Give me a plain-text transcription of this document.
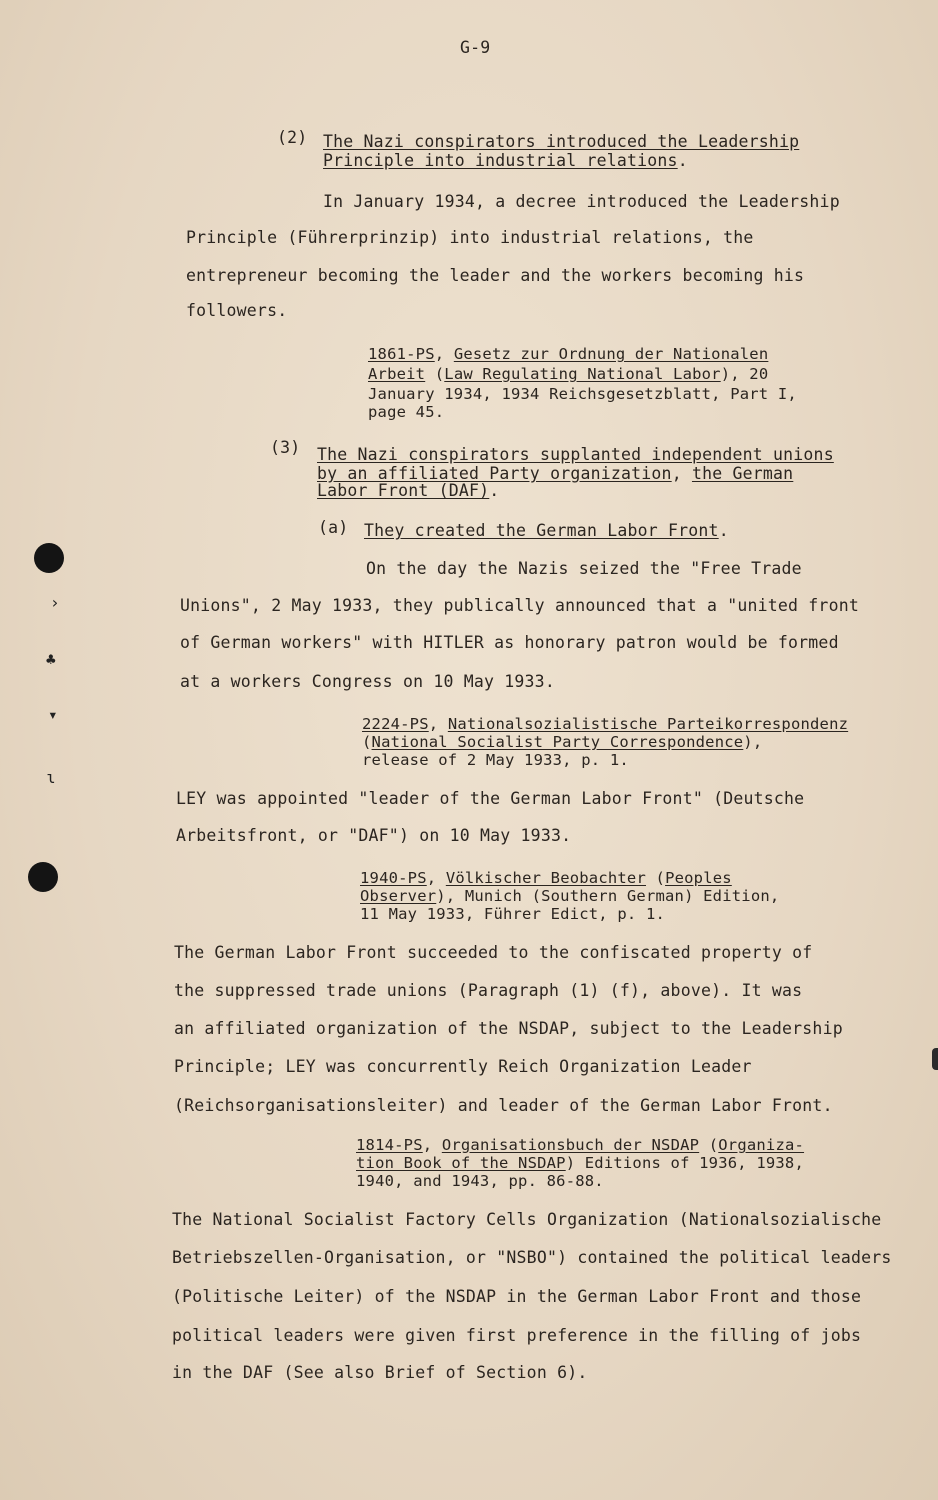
›
♣
▾
ɩ
G-9
(2) The Nazi conspirators introduced the Leadership
Principle into industrial relations.
In January 1934, a decree introduced the Leadership
Principle (Führerprinzip) into industrial relations, the
entrepreneur becoming the leader and the workers becoming his
followers.
1861-PS, Gesetz zur Ordnung der Nationalen
Arbeit (Law Regulating National Labor), 20
January 1934, 1934 Reichsgesetzblatt, Part I,
page 45.
(3) The Nazi conspirators supplanted independent unions
by an affiliated Party organization, the German
Labor Front (DAF).
(a) They created the German Labor Front.
On the day the Nazis seized the "Free Trade
Unions", 2 May 1933, they publically announced that a "united front
of German workers" with HITLER as honorary patron would be formed
at a workers Congress on 10 May 1933.
2224-PS, Nationalsozialistische Parteikorrespondenz
(National Socialist Party Correspondence),
release of 2 May 1933, p. 1.
LEY was appointed "leader of the German Labor Front" (Deutsche
Arbeitsfront, or "DAF") on 10 May 1933.
1940-PS, Völkischer Beobachter (Peoples
Observer), Munich (Southern German) Edition,
11 May 1933, Führer Edict, p. 1.
The German Labor Front succeeded to the confiscated property of
the suppressed trade unions (Paragraph (1) (f), above). It was
an affiliated organization of the NSDAP, subject to the Leadership
Principle; LEY was concurrently Reich Organization Leader
(Reichsorganisationsleiter) and leader of the German Labor Front.
1814-PS, Organisationsbuch der NSDAP (Organiza-
tion Book of the NSDAP) Editions of 1936, 1938,
1940, and 1943, pp. 86-88.
The National Socialist Factory Cells Organization (Nationalsozialische
Betriebszellen-Organisation, or "NSBO") contained the political leaders
(Politische Leiter) of the NSDAP in the German Labor Front and those
political leaders were given first preference in the filling of jobs
in the DAF (See also Brief of Section 6).
